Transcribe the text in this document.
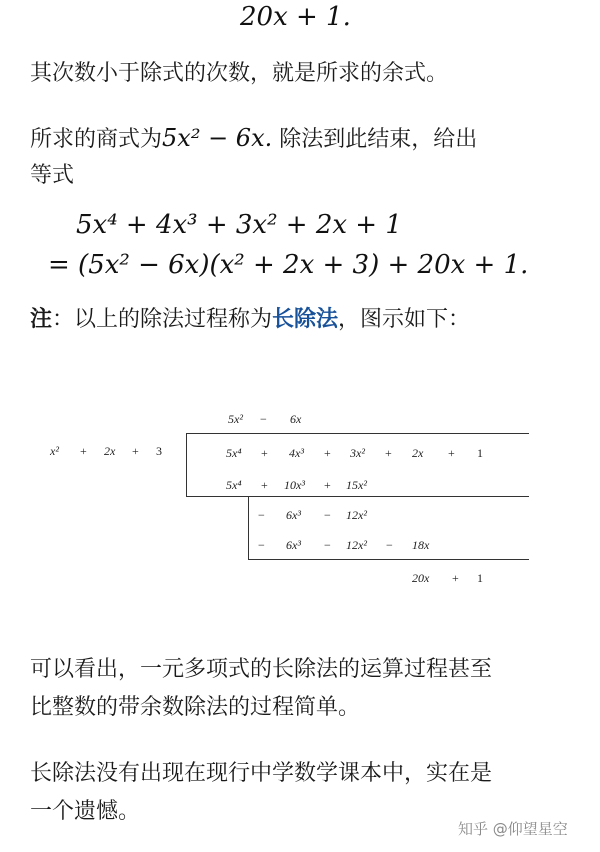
20x + 1.
其次数小于除式的次数，就是所求的余式。
所求的商式为5x² − 6x. 除法到此结束，给出
等式
5x⁴ + 4x³ + 3x² + 2x + 1
= (5x² − 6x)(x² + 2x + 3) + 20x + 1.
注：以上的除法过程称为长除法，图示如下：
5x² − 6x
x² + 2x + 3	5x⁴ + 4x³ + 3x² + 2x + 1
5x⁴ + 10x³ + 15x²
− 6x³ − 12x²
− 6x³ − 12x² − 18x
20x + 1
可以看出，一元多项式的长除法的运算过程甚至
比整数的带余数除法的过程简单。
长除法没有出现在现行中学数学课本中，实在是
一个遗憾。
知乎 @仰望星空
